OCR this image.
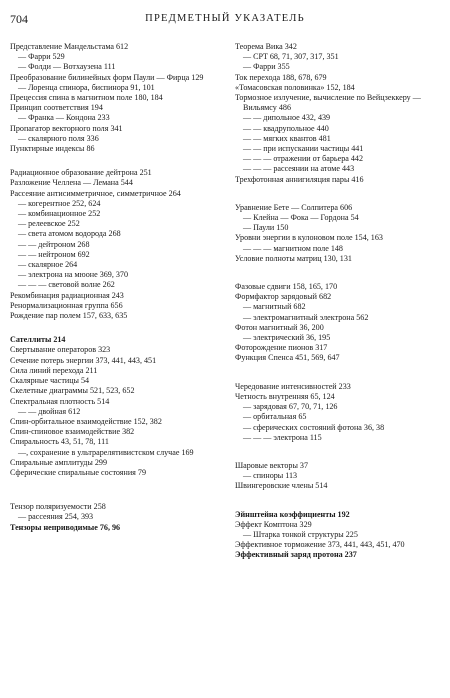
704	ПРЕДМЕТНЫЙ УКАЗАТЕЛЬ
Представление Мандельстама 612
— Фарри 529
— Фолди — Вотхаузена 111
Преобразование билинейных форм Паули — Фирца 129
— Лоренца спинора, биспинора 91, 101
Прецессия спина в магнитном поле 180, 184
Принцип соответствия 194
— Франка — Кондона 233
Пропагатор векторного поля 341
— скалярного поля 336
Пунктирные индексы 86
Радиационное образование дейтрона 251
Разложение Челлена — Лемана 544
Рассеяние антисимметричное, симметричное 264
— когерентное 252, 624
— комбинационное 252
— релеевское 252
— света атомом водорода 268
— — дейтроном 268
— — нейтроном 692
— скалярное 264
— электрона на мюоне 369, 370
— — — световой волне 262
Рекомбинация радиационная 243
Ренормализационная группа 656
Рождение пар полем 157, 633, 635
Сателлиты 214
Свертывание операторов 323
Сечение потерь энергии 373, 441, 443, 451
Сила линий перехода 211
Скалярные частицы 54
Скелетные диаграммы 521, 523, 652
Спектральная плотность 514
— — двойная 612
Спин-орбитальное взаимодействие 152, 382
Спин-спиновое взаимодействие 382
Спиральность 43, 51, 78, 111
—, сохранение в ультрарелятивистском случае 169
Спиральные амплитуды 299
Сферические спиральные состояния 79
Тензор поляризуемости 258
— рассеяния 254, 393
Тензоры неприводимые 76, 96
Теорема Вика 342
— CPT 68, 71, 307, 317, 351
— Фарри 355
Ток перехода 188, 678, 679
«Томасовская половинка» 152, 184
Тормозное излучение, вычисление по Вейцзеккеру — Вильямсу 486
— — дипольное 432, 439
— — квадрупольное 440
— — мягких квантов 481
— — при испускании частицы 441
— — — отражении от барьера 442
— — — рассеянии на атоме 443
Трехфотонная аннигиляция пары 416
Уравнение Бете — Солпитера 606
— Клейна — Фока — Гордона 54
— Паули 150
Уровни энергии в кулоновом поле 154, 163
— — — магнитном поле 148
Условие полноты матриц 130, 131
Фазовые сдвиги 158, 165, 170
Формфактор зарядовый 682
— магнитный 682
— электромагнитный электрона 562
Фотон магнитный 36, 200
— электрический 36, 195
Фоторождение пионов 317
Функция Спенса 451, 569, 647
Чередование интенсивностей 233
Четность внутренняя 65, 124
— зарядовая 67, 70, 71, 126
— орбитальная 65
— сферических состояний фотона 36, 38
— — — электрона 115
Шаровые векторы 37
— спиноры 113
Швингеровские члены 514
Эйнштейна коэффициенты 192
Эффект Комптона 329
— Штарка тонкой структуры 225
Эффективное торможение 373, 441, 443, 451, 470
Эффективный заряд протона 237
